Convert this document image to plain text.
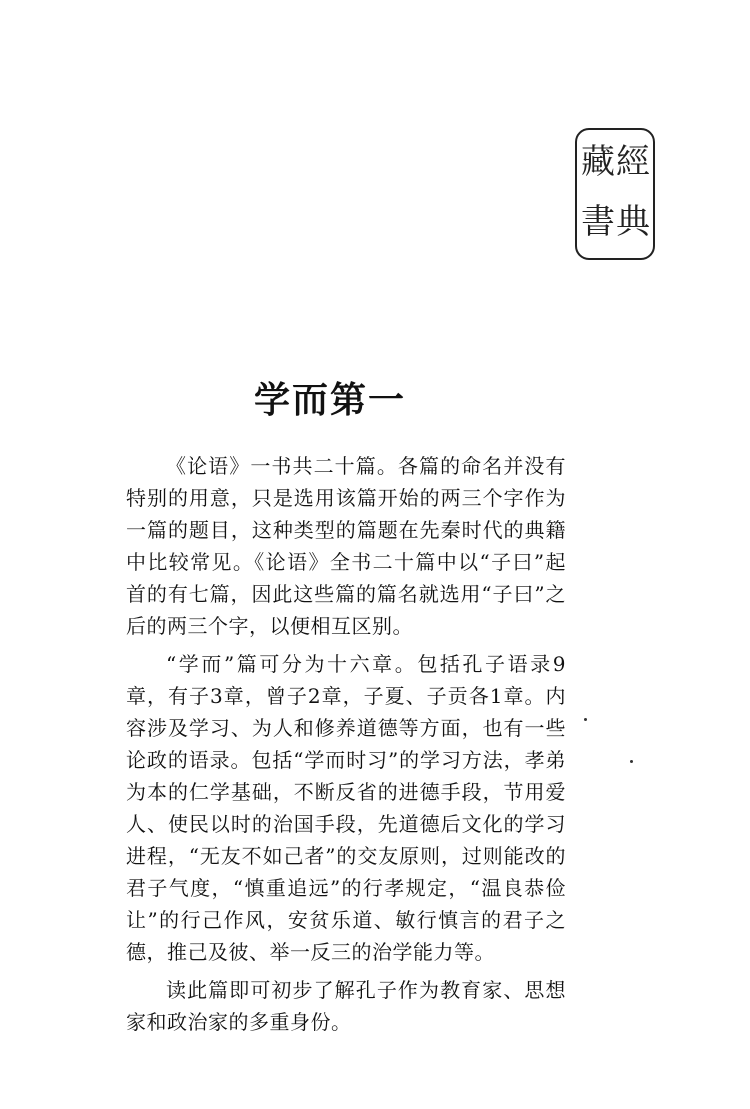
經
典
藏
書
学而第一

《论语》一书共二十篇。各篇的命名并没有特别的用意，只是选用该篇开始的两三个字作为一篇的题目，这种类型的篇题在先秦时代的典籍中比较常见。《论语》全书二十篇中以“子曰”起首的有七篇，因此这些篇的篇名就选用“子曰”之后的两三个字，以便相互区别。

“学而”篇可分为十六章。包括孔子语录9章，有子3章，曾子2章，子夏、子贡各1章。内容涉及学习、为人和修养道德等方面，也有一些论政的语录。包括“学而时习”的学习方法，孝弟为本的仁学基础，不断反省的进德手段，节用爱人、使民以时的治国手段，先道德后文化的学习进程，“无友不如己者”的交友原则，过则能改的君子气度，“慎重追远”的行孝规定，“温良恭俭让”的行己作风，安贫乐道、敏行慎言的君子之德，推己及彼、举一反三的治学能力等。

读此篇即可初步了解孔子作为教育家、思想家和政治家的多重身份。
